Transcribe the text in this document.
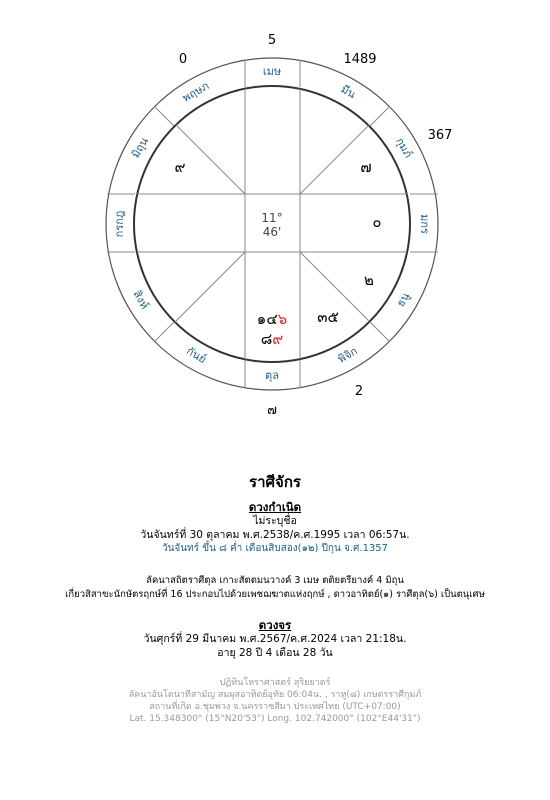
5
0	1489
367
2
๗
เมษ
มีน
กุมภ์
มกร
ธนู
พิจิก
ตุล
กันย์
สิงห์
กรกฎ
มิถุน
พฤษภ
11°
46'
๙	๗
๐
๒
๓๕
๑๔๖
๘๙
ราศีจักร
ดวงกำเนิด
ไม่ระบุชื่อ
วันจันทร์ที่ 30 ตุลาคม พ.ศ.2538/ค.ศ.1995 เวลา 06:57น.
วันจันทร์ ขึ้น ๘ ค่ำ เดือนสิบสอง(๑๒) ปีกุน จ.ศ.1357
ลัคนาสถิตราศีตุล เกาะสัตตมนวางค์ 3 เมษ ตติยตรียางค์ 4 มิถุน
เกี่ยวสิสาขะนักษัตรฤกษ์ที่ 16 ประกอบไปด้วยเพชฌฆาตแห่งฤกษ์ , ดาวอาทิตย์(๑) ราศีตุล(๖) เป็นตนุเศษ
ดวงจร
วันศุกร์ที่ 29 มีนาคม พ.ศ.2567/ค.ศ.2024 เวลา 21:18น.
อายุ 28 ปี 4 เดือน 28 วัน
ปฏิทินโหราศาสตร์ สุริยยาตร์
ลัคนาอันโตนาทีสามัญ สมผุสอาทิตย์อุทัย 06:04น. , ราหู(๘) เกษตรราศีกุมภ์
สถานที่เกิด อ.ชุมพวง จ.นครราชสีมา ประเทศไทย (UTC+07:00)
Lat. 15.348300° (15°N20'53") Long. 102.742000° (102°E44'31")
